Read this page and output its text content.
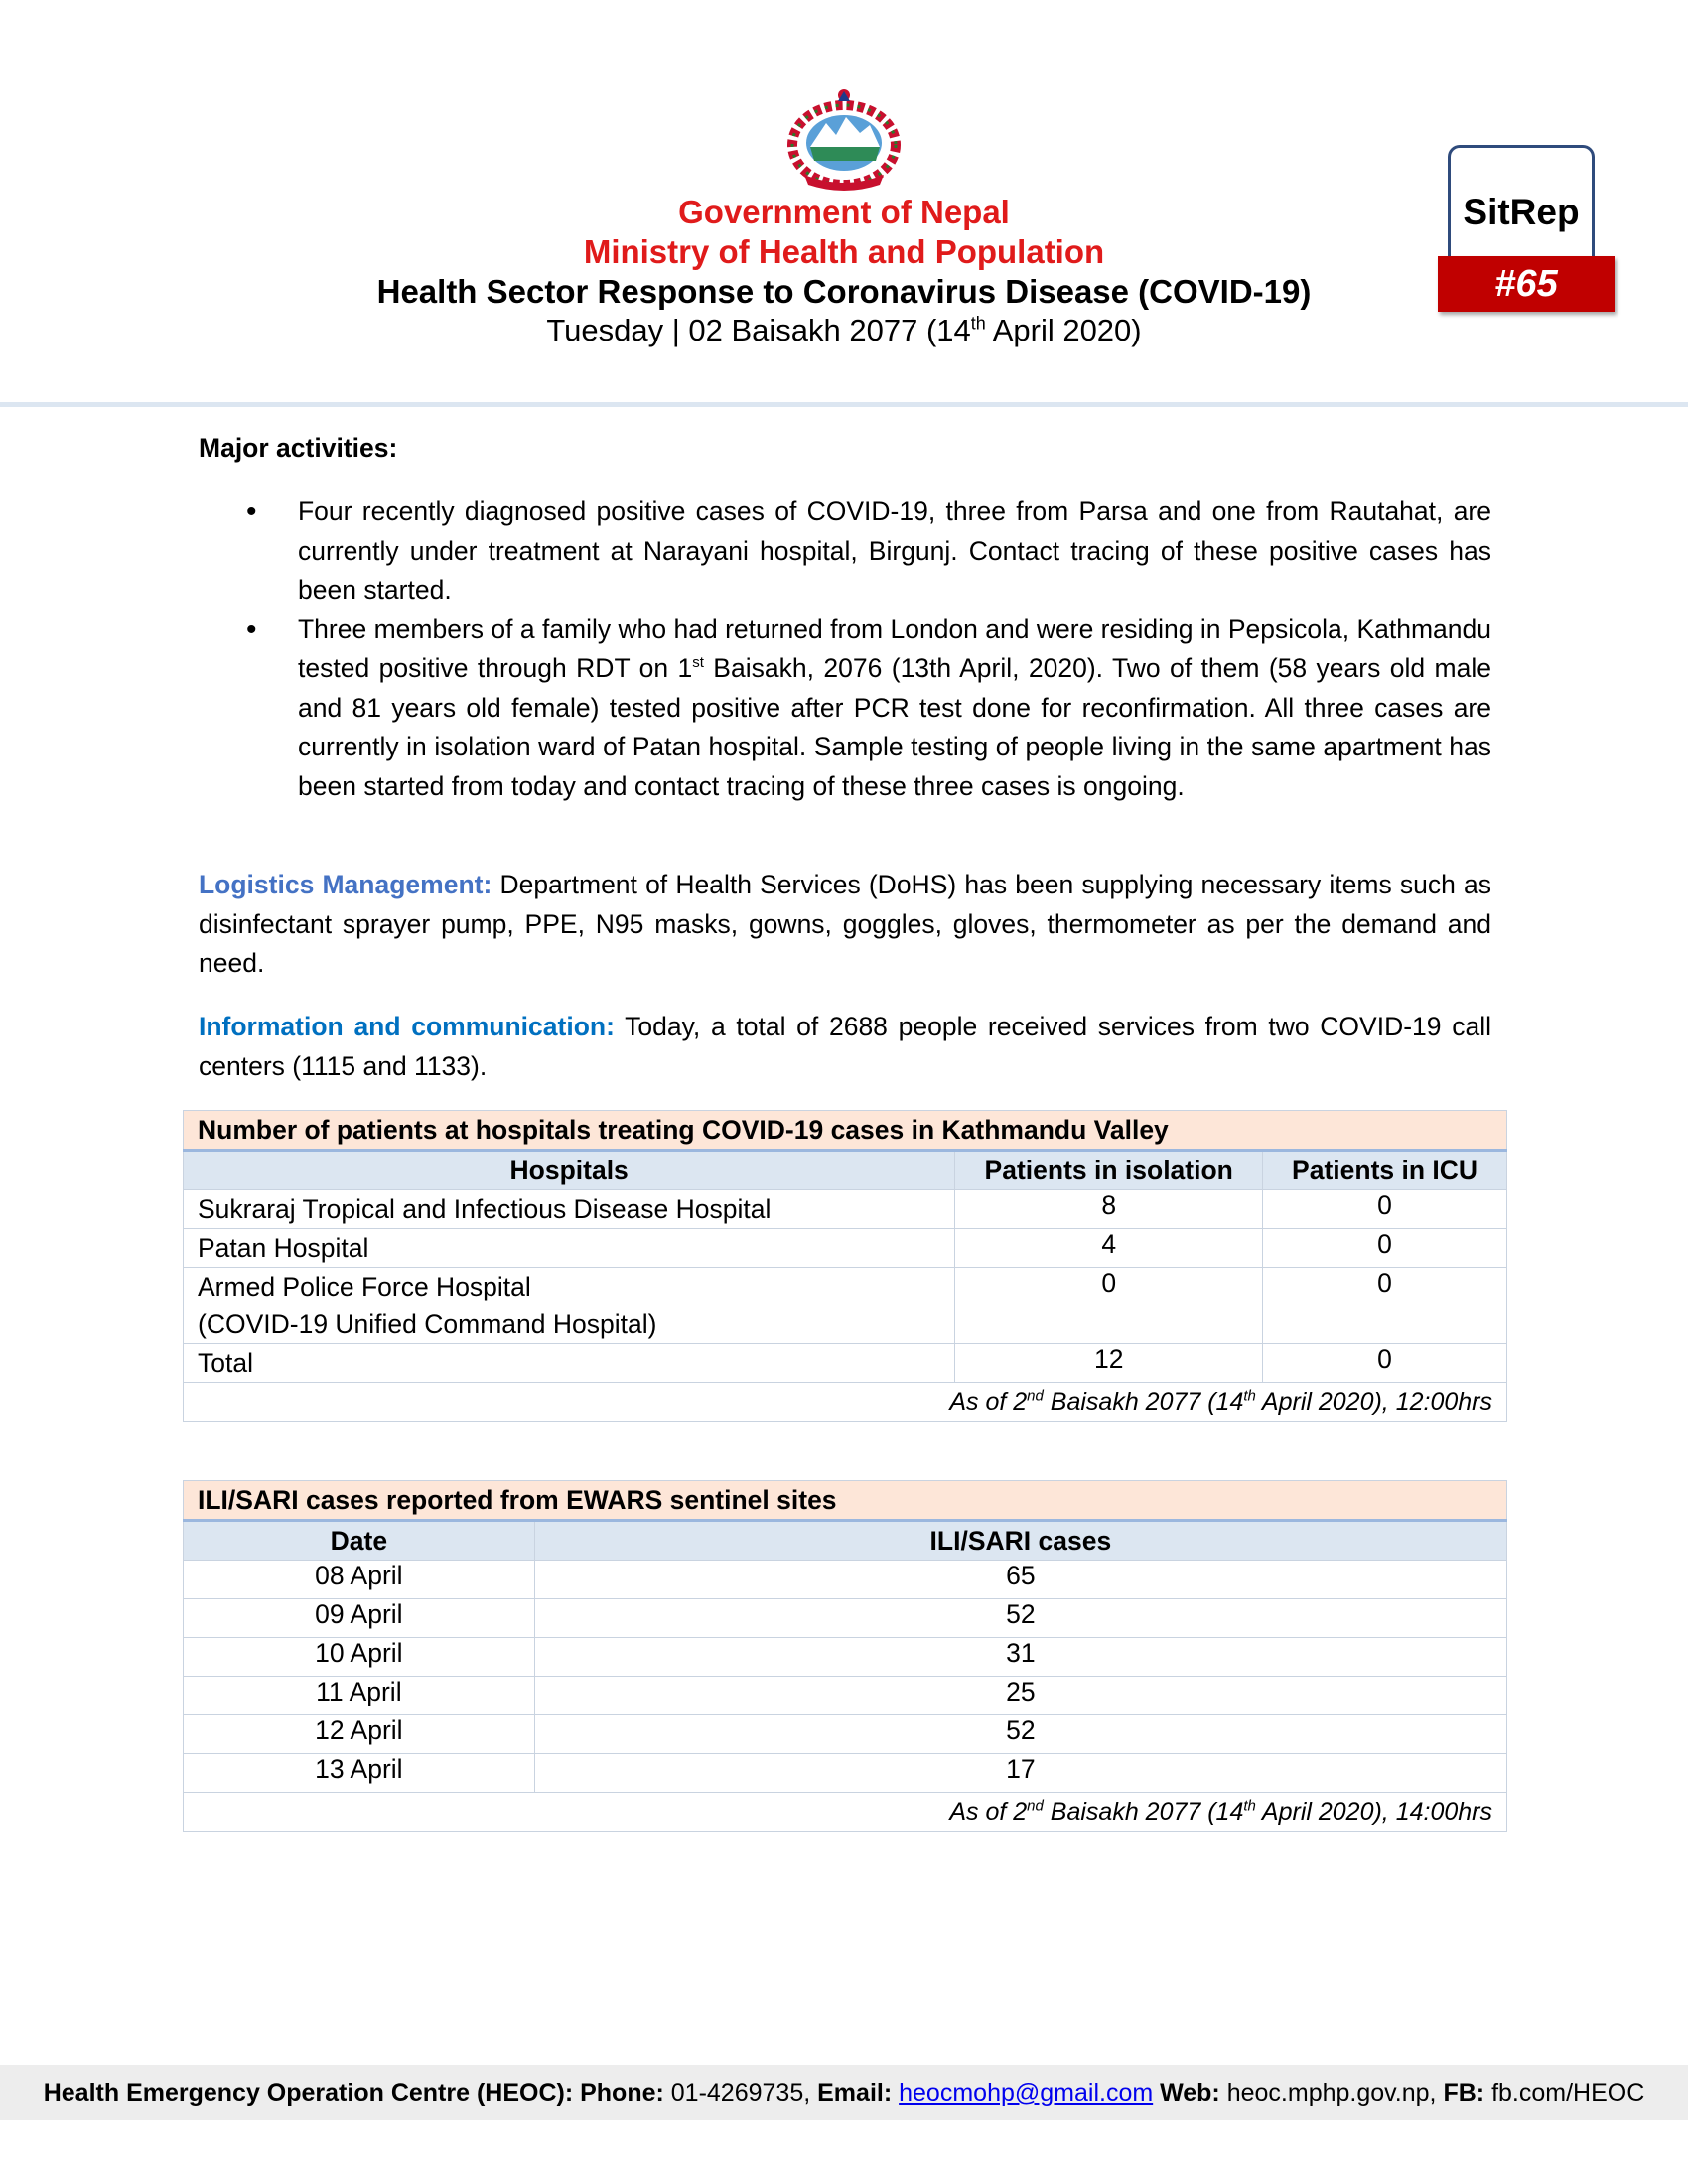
Government of Nepal
Ministry of Health and Population
Health Sector Response to Coronavirus Disease (COVID-19)
Tuesday | 02 Baisakh 2077 (14th April 2020)
SitRep
#65
Major activities:
• Four recently diagnosed positive cases of COVID-19, three from Parsa and one from Rautahat, are currently under treatment at Narayani hospital, Birgunj. Contact tracing of these positive cases has been started.
• Three members of a family who had returned from London and were residing in Pepsicola, Kathmandu tested positive through RDT on 1st Baisakh, 2076 (13th April, 2020). Two of them (58 years old male and 81 years old female) tested positive after PCR test done for reconfirmation. All three cases are currently in isolation ward of Patan hospital. Sample testing of people living in the same apartment has been started from today and contact tracing of these three cases is ongoing.
Logistics Management: Department of Health Services (DoHS) has been supplying necessary items such as disinfectant sprayer pump, PPE, N95 masks, gowns, goggles, gloves, thermometer as per the demand and need.
Information and communication: Today, a total of 2688 people received services from two COVID-19 call centers (1115 and 1133).
Number of patients at hospitals treating COVID-19 cases in Kathmandu Valley		
Hospitals	Patients in isolation	Patients in ICU
Sukraraj Tropical and Infectious Disease Hospital	8	0
Patan Hospital	4	0
Armed Police Force Hospital
(COVID-19 Unified Command Hospital)	0	0
Total	12	0
As of 2nd Baisakh 2077 (14th April 2020), 12:00hrs		
ILI/SARI cases reported from EWARS sentinel sites	
Date	ILI/SARI cases
08 April	65
09 April	52
10 April	31
11 April	25
12 April	52
13 April	17
As of 2nd Baisakh 2077 (14th April 2020), 14:00hrs	
Health Emergency Operation Centre (HEOC): Phone: 01-4269735, Email: heocmohp@gmail.com Web: heoc.mphp.gov.np, FB: fb.com/HEOC
